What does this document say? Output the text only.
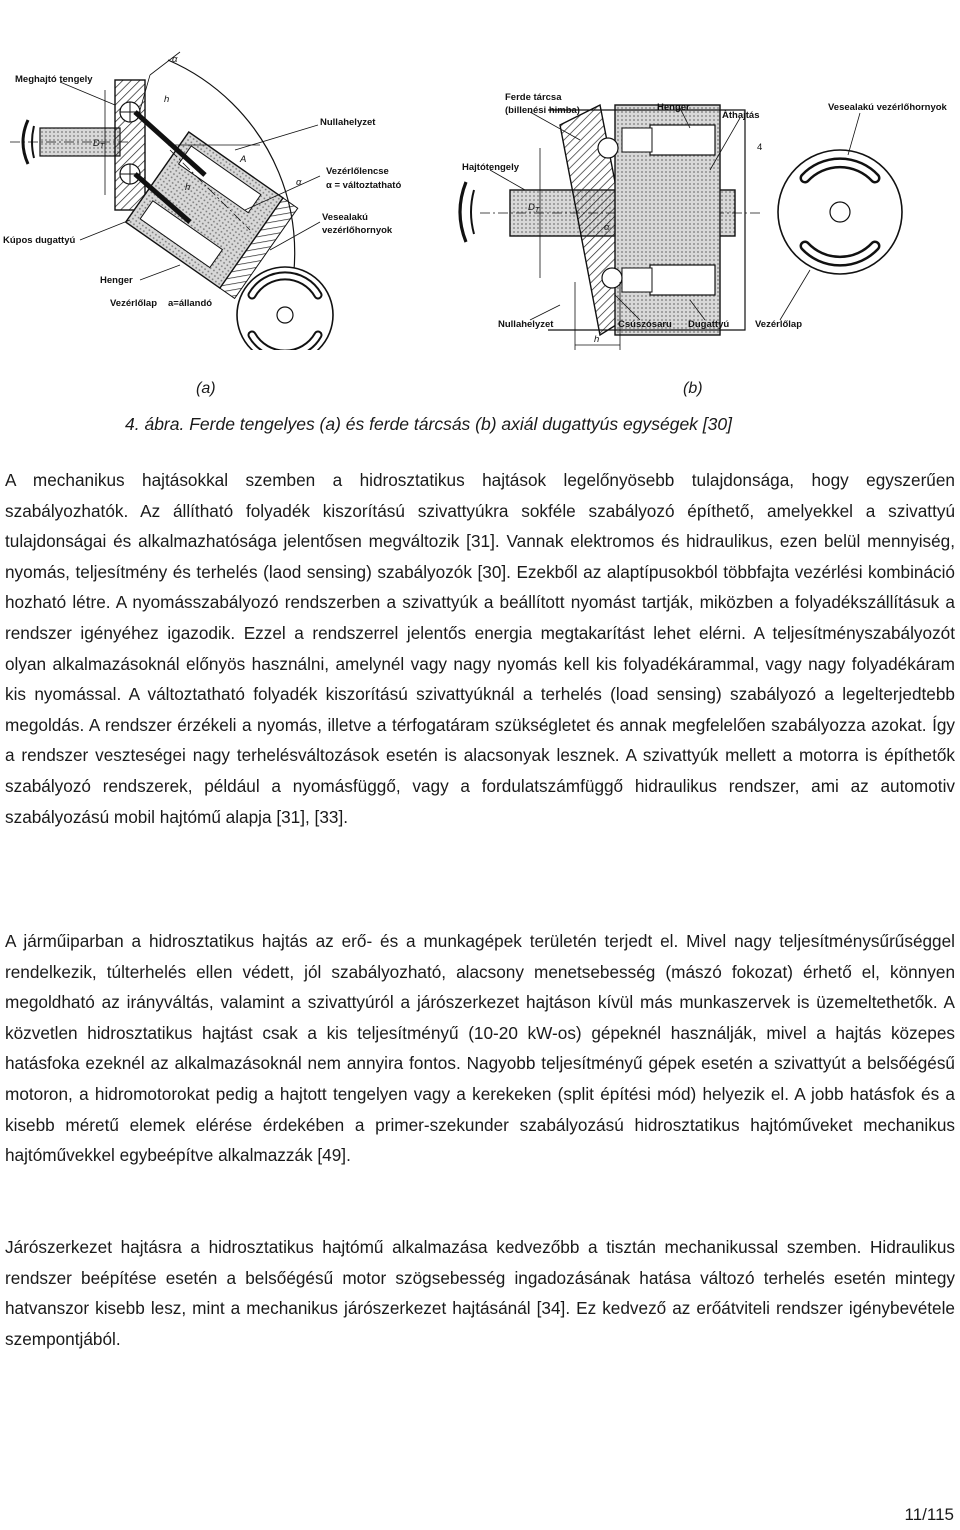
Meghajtó tengely
α
h
$D_T$
Nullahelyzet
A
Vezérlőlencse
α = változtatható
Vesealakú
vezérlőhornyok
Kúpos dugattyú
Henger
Vezérlőlap a=állandó
h	α
Ferde tárcsa
(billenési himba)	Henger
Áthajtás
Vesealakú vezérlőhornyok
Hajtótengely
4
$D_T$
α
Nullahelyzet	Csúszósaru Dugattyú	Vezérlőlap
h
(a)	(b)
4. ábra. Ferde tengelyes (a) és ferde tárcsás (b) axiál dugattyús egységek [30]

A mechanikus hajtásokkal szemben a hidrosztatikus hajtások legelőnyösebb tulajdonsága, hogy egyszerűen szabályozhatók. Az állítható folyadék kiszorítású szivattyúkra sokféle szabályozó építhető, amelyekkel a szivattyú tulajdonságai és alkalmazhatósága jelentősen megváltozik [31]. Vannak elektromos és hidraulikus, ezen belül mennyiség, nyomás, teljesítmény és terhelés (laod sensing) szabályozók [30]. Ezekből az alaptípusokból többfajta vezérlési kombináció hozható létre. A nyomásszabályozó rendszerben a szivattyúk a beállított nyomást tartják, miközben a folyadékszállításuk a rendszer igényéhez igazodik. Ezzel a rendszerrel jelentős energia megtakarítást lehet elérni. A teljesítményszabályozót olyan alkalmazásoknál előnyös használni, amelynél vagy nagy nyomás kell kis folyadékárammal, vagy nagy folyadékáram kis nyomással. A változtatható folyadék kiszorítású szivattyúknál a terhelés (load sensing) szabályozó a legelterjedtebb megoldás. A rendszer érzékeli a nyomás, illetve a térfogatáram szükségletet és annak megfelelően szabályozza azokat. Így a rendszer veszteségei nagy terhelésváltozások esetén is alacsonyak lesznek. A szivattyúk mellett a motorra is építhetők szabályozó rendszerek, például a nyomásfüggő, vagy a fordulatszámfüggő hidraulikus rendszer, ami az automotiv szabályozású mobil hajtómű alapja [31], [33].

A járműiparban a hidrosztatikus hajtás az erő- és a munkagépek területén terjedt el. Mivel nagy teljesítménysűrűséggel rendelkezik, túlterhelés ellen védett, jól szabályozható, alacsony menetsebesség (mászó fokozat) érhető el, könnyen megoldható az irányváltás, valamint a szivattyúról a járószerkezet hajtáson kívül más munkaszervek is üzemeltethetők. A közvetlen hidrosztatikus hajtást csak a kis teljesítményű (10-20 kW-os) gépeknél használják, mivel a hajtás közepes hatásfoka ezeknél az alkalmazásoknál nem annyira fontos. Nagyobb teljesítményű gépek esetén a szivattyút a belsőégésű motoron, a hidromotorokat pedig a hajtott tengelyen vagy a kerekeken (split építési mód) helyezik el. A jobb hatásfok és a kisebb méretű elemek elérése érdekében a primer-szekunder szabályozású hidrosztatikus hajtóműveket mechanikus hajtóművekkel egybeépítve alkalmazzák [49].

Járószerkezet hajtásra a hidrosztatikus hajtómű alkalmazása kedvezőbb a tisztán mechanikussal szemben. Hidraulikus rendszer beépítése esetén a belsőégésű motor szögsebesség ingadozásának hatása változó terhelés esetén mintegy hatvanszor kisebb lesz, mint a mechanikus járószerkezet hajtásánál [34]. Ez kedvező az erőátviteli rendszer igénybevétele szempontjából.

11/115
